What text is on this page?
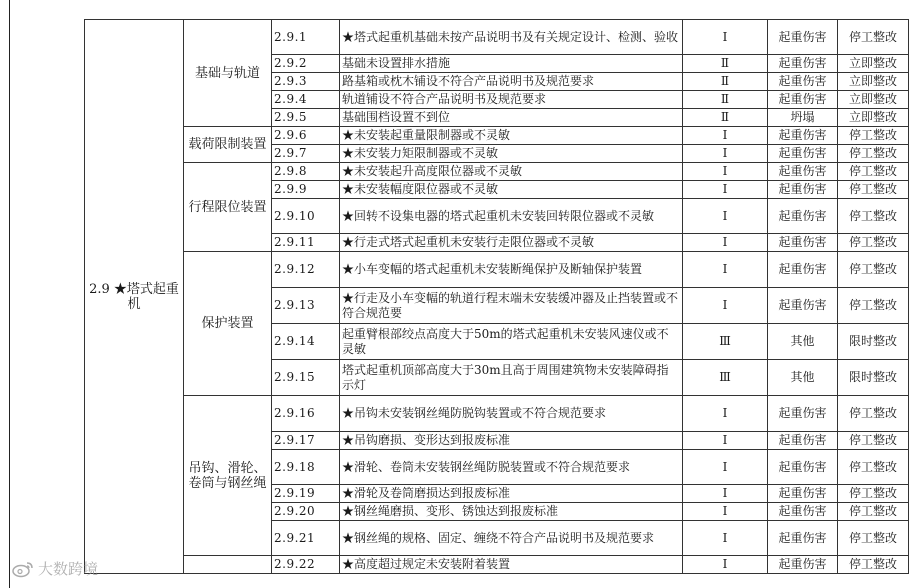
2.9 ★塔式起重机	基础与轨道	2.9.1	★塔式起重机基础未按产品说明书及有关规定设计、检测、验收	Ⅰ	起重伤害	停工整改
		2.9.2	基础未设置排水措施	Ⅱ	起重伤害	立即整改
		2.9.3	路基箱或枕木铺设不符合产品说明书及规范要求	Ⅱ	起重伤害	立即整改
		2.9.4	轨道铺设不符合产品说明书及规范要求	Ⅱ	起重伤害	立即整改
		2.9.5	基础围档设置不到位	Ⅱ	坍塌	立即整改
	载荷限制装置	2.9.6	★未安装起重量限制器或不灵敏	Ⅰ	起重伤害	停工整改
		2.9.7	★未安装力矩限制器或不灵敏	Ⅰ	起重伤害	停工整改
	行程限位装置	2.9.8	★未安装起升高度限位器或不灵敏	Ⅰ	起重伤害	停工整改
		2.9.9	★未安装幅度限位器或不灵敏	Ⅰ	起重伤害	停工整改
		2.9.10	★回转不设集电器的塔式起重机未安装回转限位器或不灵敏	Ⅰ	起重伤害	停工整改
		2.9.11	★行走式塔式起重机未安装行走限位器或不灵敏	Ⅰ	起重伤害	停工整改
	保护装置	2.9.12	★小车变幅的塔式起重机未安装断绳保护及断轴保护装置	Ⅰ	起重伤害	停工整改
		2.9.13	★行走及小车变幅的轨道行程末端未安装缓冲器及止挡装置或不符合规范要	Ⅰ	起重伤害	停工整改
		2.9.14	起重臂根部绞点高度大于50m的塔式起重机未安装风速仪或不灵敏	Ⅲ	其他	限时整改
		2.9.15	塔式起重机顶部高度大于30m且高于周围建筑物未安装障碍指示灯	Ⅲ	其他	限时整改
	吊钩、滑轮、卷筒与钢丝绳	2.9.16	★吊钩未安装钢丝绳防脱钩装置或不符合规范要求	Ⅰ	起重伤害	停工整改
		2.9.17	★吊钩磨损、变形达到报废标准	Ⅰ	起重伤害	停工整改
		2.9.18	★滑轮、卷筒未安装钢丝绳防脱装置或不符合规范要求	Ⅰ	起重伤害	停工整改
		2.9.19	★滑轮及卷筒磨损达到报废标准	Ⅰ	起重伤害	停工整改
		2.9.20	★钢丝绳磨损、变形、锈蚀达到报废标准	Ⅰ	起重伤害	停工整改
		2.9.21	★钢丝绳的规格、固定、缠绕不符合产品说明书及规范要求	Ⅰ	起重伤害	停工整改
		2.9.22	★高度超过规定未安装附着装置	Ⅰ	起重伤害	停工整改
大数跨境
